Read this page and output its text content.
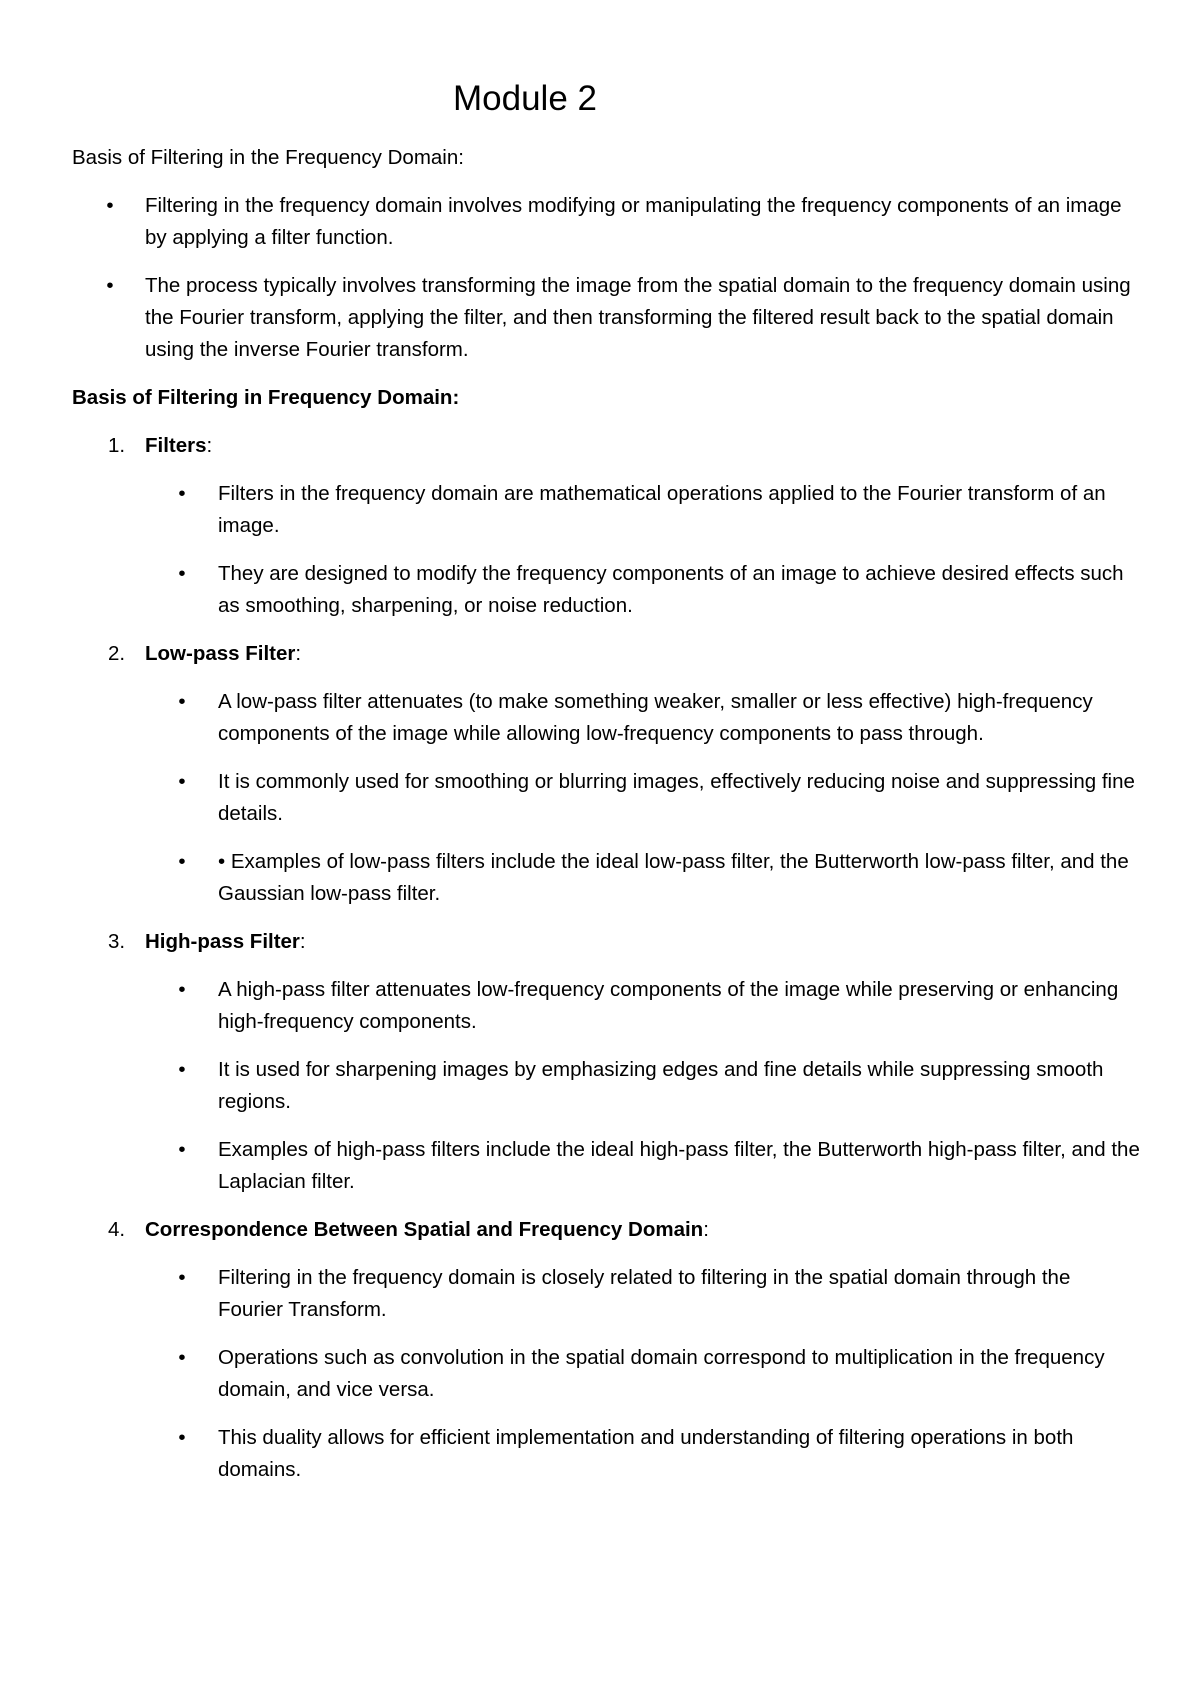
Module 2

Basis of Filtering in the Frequency Domain:

•	Filtering in the frequency domain involves modifying or manipulating the frequency components of an image by applying a filter function.
•	The process typically involves transforming the image from the spatial domain to the frequency domain using the Fourier transform, applying the filter, and then transforming the filtered result back to the spatial domain using the inverse Fourier transform.

Basis of Filtering in Frequency Domain:

1. Filters:

•	Filters in the frequency domain are mathematical operations applied to the Fourier transform of an image.
•	They are designed to modify the frequency components of an image to achieve desired effects such as smoothing, sharpening, or noise reduction.
2. Low-pass Filter:

•	A low-pass filter attenuates (to make something weaker, smaller or less effective) high-frequency components of the image while allowing low-frequency components to pass through.
•	It is commonly used for smoothing or blurring images, effectively reducing noise and suppressing fine details.
•	• Examples of low-pass filters include the ideal low-pass filter, the Butterworth low-pass filter, and the Gaussian low-pass filter.
3. High-pass Filter:

•	A high-pass filter attenuates low-frequency components of the image while preserving or enhancing high-frequency components.
•	It is used for sharpening images by emphasizing edges and fine details while suppressing smooth regions.
•	Examples of high-pass filters include the ideal high-pass filter, the Butterworth high-pass filter, and the Laplacian filter.
4. Correspondence Between Spatial and Frequency Domain:

•	Filtering in the frequency domain is closely related to filtering in the spatial domain through the Fourier Transform.
•	Operations such as convolution in the spatial domain correspond to multiplication in the frequency domain, and vice versa.
•	This duality allows for efficient implementation and understanding of filtering operations in both domains.
